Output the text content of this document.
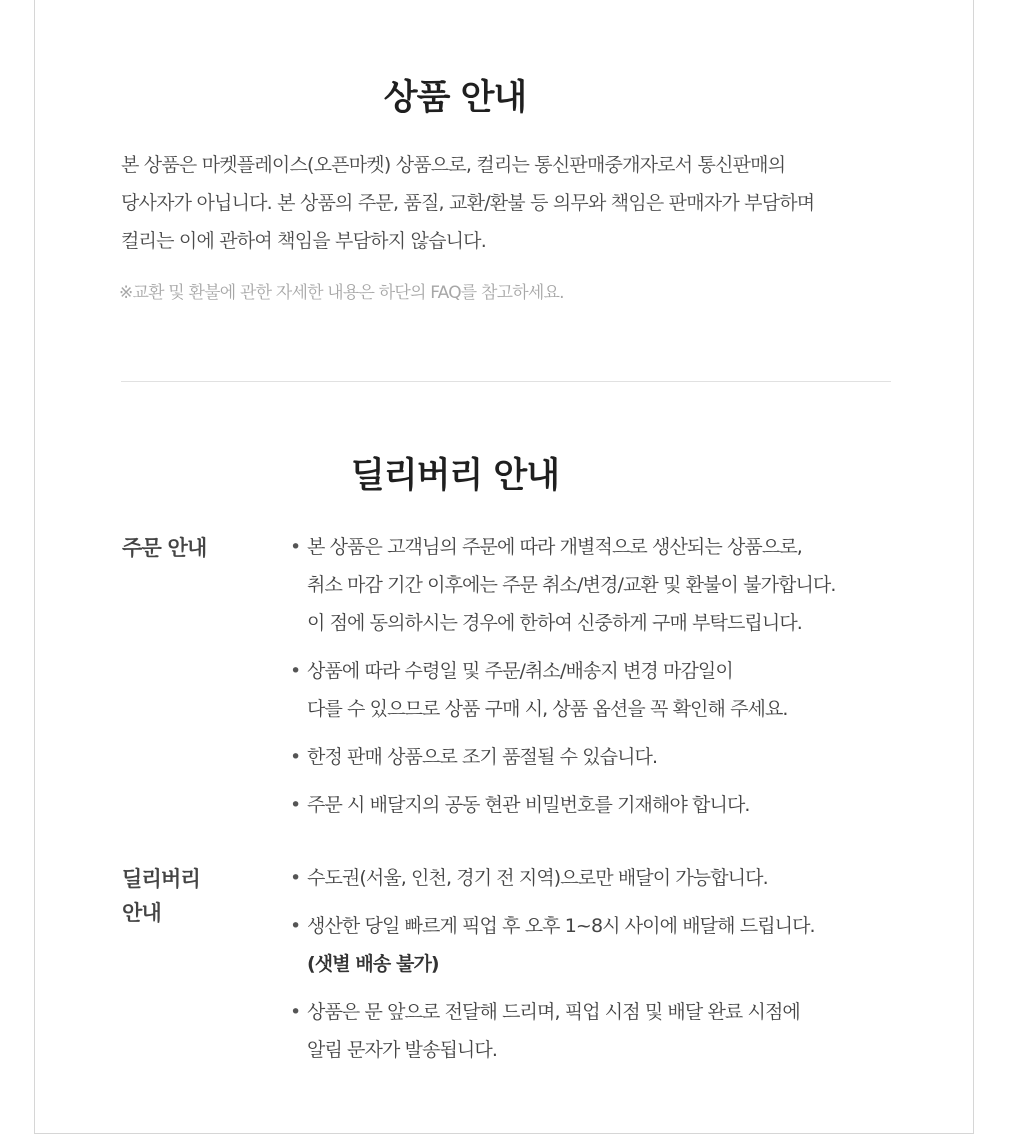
상품 안내
본 상품은 마켓플레이스(오픈마켓) 상품으로, 컬리는 통신판매중개자로서 통신판매의
당사자가 아닙니다. 본 상품의 주문, 품질, 교환/환불 등 의무와 책임은 판매자가 부담하며
컬리는 이에 관하여 책임을 부담하지 않습니다.
※교환 및 환불에 관한 자세한 내용은 하단의 FAQ를 참고하세요.
딜리버리 안내
주문 안내	• 본 상품은 고객님의 주문에 따라 개별적으로 생산되는 상품으로,
취소 마감 기간 이후에는 주문 취소/변경/교환 및 환불이 불가합니다.
이 점에 동의하시는 경우에 한하여 신중하게 구매 부탁드립니다.
• 상품에 따라 수령일 및 주문/취소/배송지 변경 마감일이
다를 수 있으므로 상품 구매 시, 상품 옵션을 꼭 확인해 주세요.
• 한정 판매 상품으로 조기 품절될 수 있습니다.
• 주문 시 배달지의 공동 현관 비밀번호를 기재해야 합니다.
딜리버리
안내
• 수도권(서울, 인천, 경기 전 지역)으로만 배달이 가능합니다.
• 생산한 당일 빠르게 픽업 후 오후 1~8시 사이에 배달해 드립니다.
(샛별 배송 불가)
• 상품은 문 앞으로 전달해 드리며, 픽업 시점 및 배달 완료 시점에
알림 문자가 발송됩니다.
